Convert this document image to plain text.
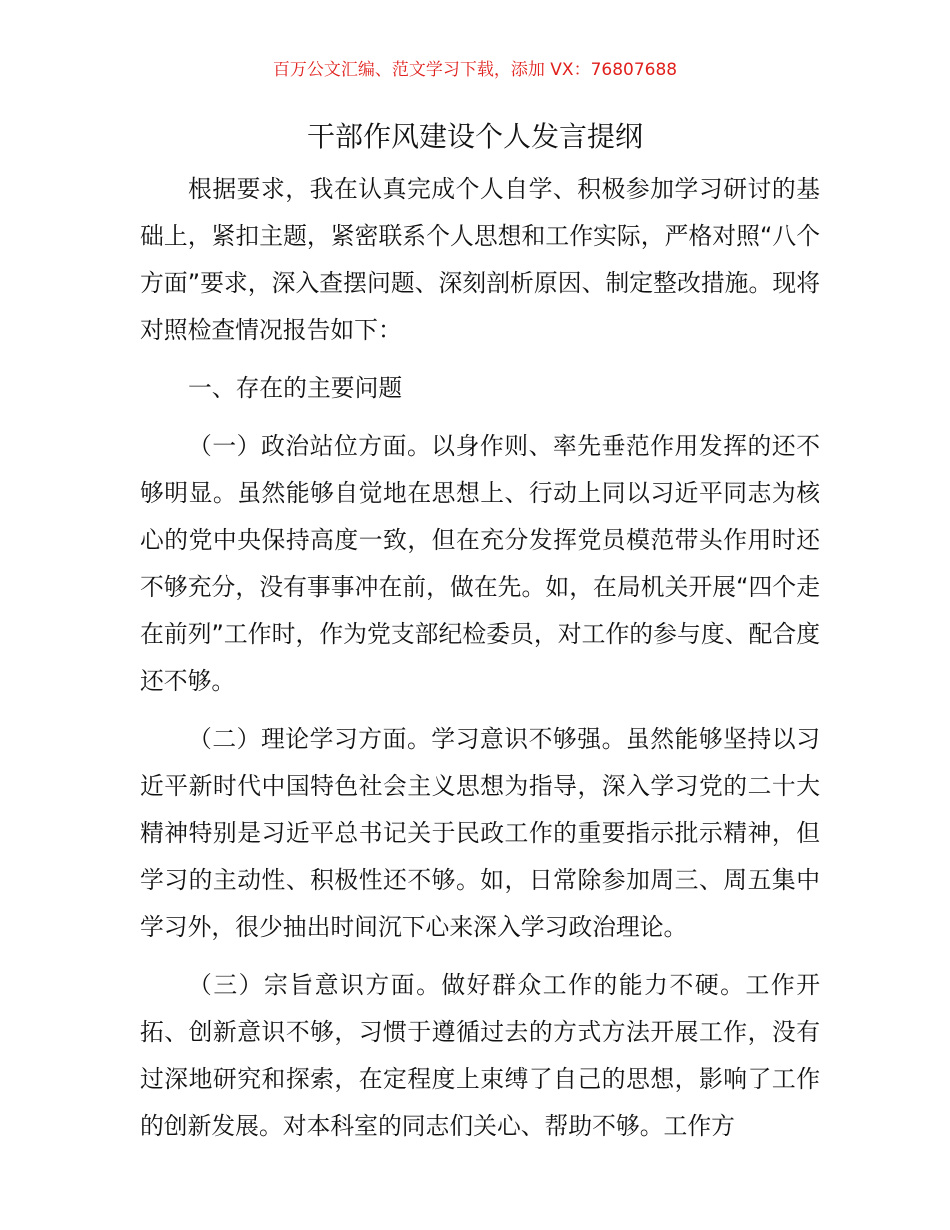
百万公文汇编、范文学习下载，添加 VX：76807688
干部作风建设个人发言提纲

根据要求，我在认真完成个人自学、积极参加学习研讨的基础上，紧扣主题，紧密联系个人思想和工作实际，严格对照“八个方面”要求，深入查摆问题、深刻剖析原因、制定整改措施。现将对照检查情况报告如下：

一、存在的主要问题

（一）政治站位方面。以身作则、率先垂范作用发挥的还不够明显。虽然能够自觉地在思想上、行动上同以习近平同志为核心的党中央保持高度一致，但在充分发挥党员模范带头作用时还不够充分，没有事事冲在前，做在先。如，在局机关开展“四个走在前列”工作时，作为党支部纪检委员，对工作的参与度、配合度还不够。

（二）理论学习方面。学习意识不够强。虽然能够坚持以习近平新时代中国特色社会主义思想为指导，深入学习党的二十大精神特别是习近平总书记关于民政工作的重要指示批示精神，但学习的主动性、积极性还不够。如，日常除参加周三、周五集中学习外，很少抽出时间沉下心来深入学习政治理论。

（三）宗旨意识方面。做好群众工作的能力不硬。工作开拓、创新意识不够，习惯于遵循过去的方式方法开展工作，没有过深地研究和探索，在定程度上束缚了自己的思想，影响了工作的创新发展。对本科室的同志们关心、帮助不够。工作方
